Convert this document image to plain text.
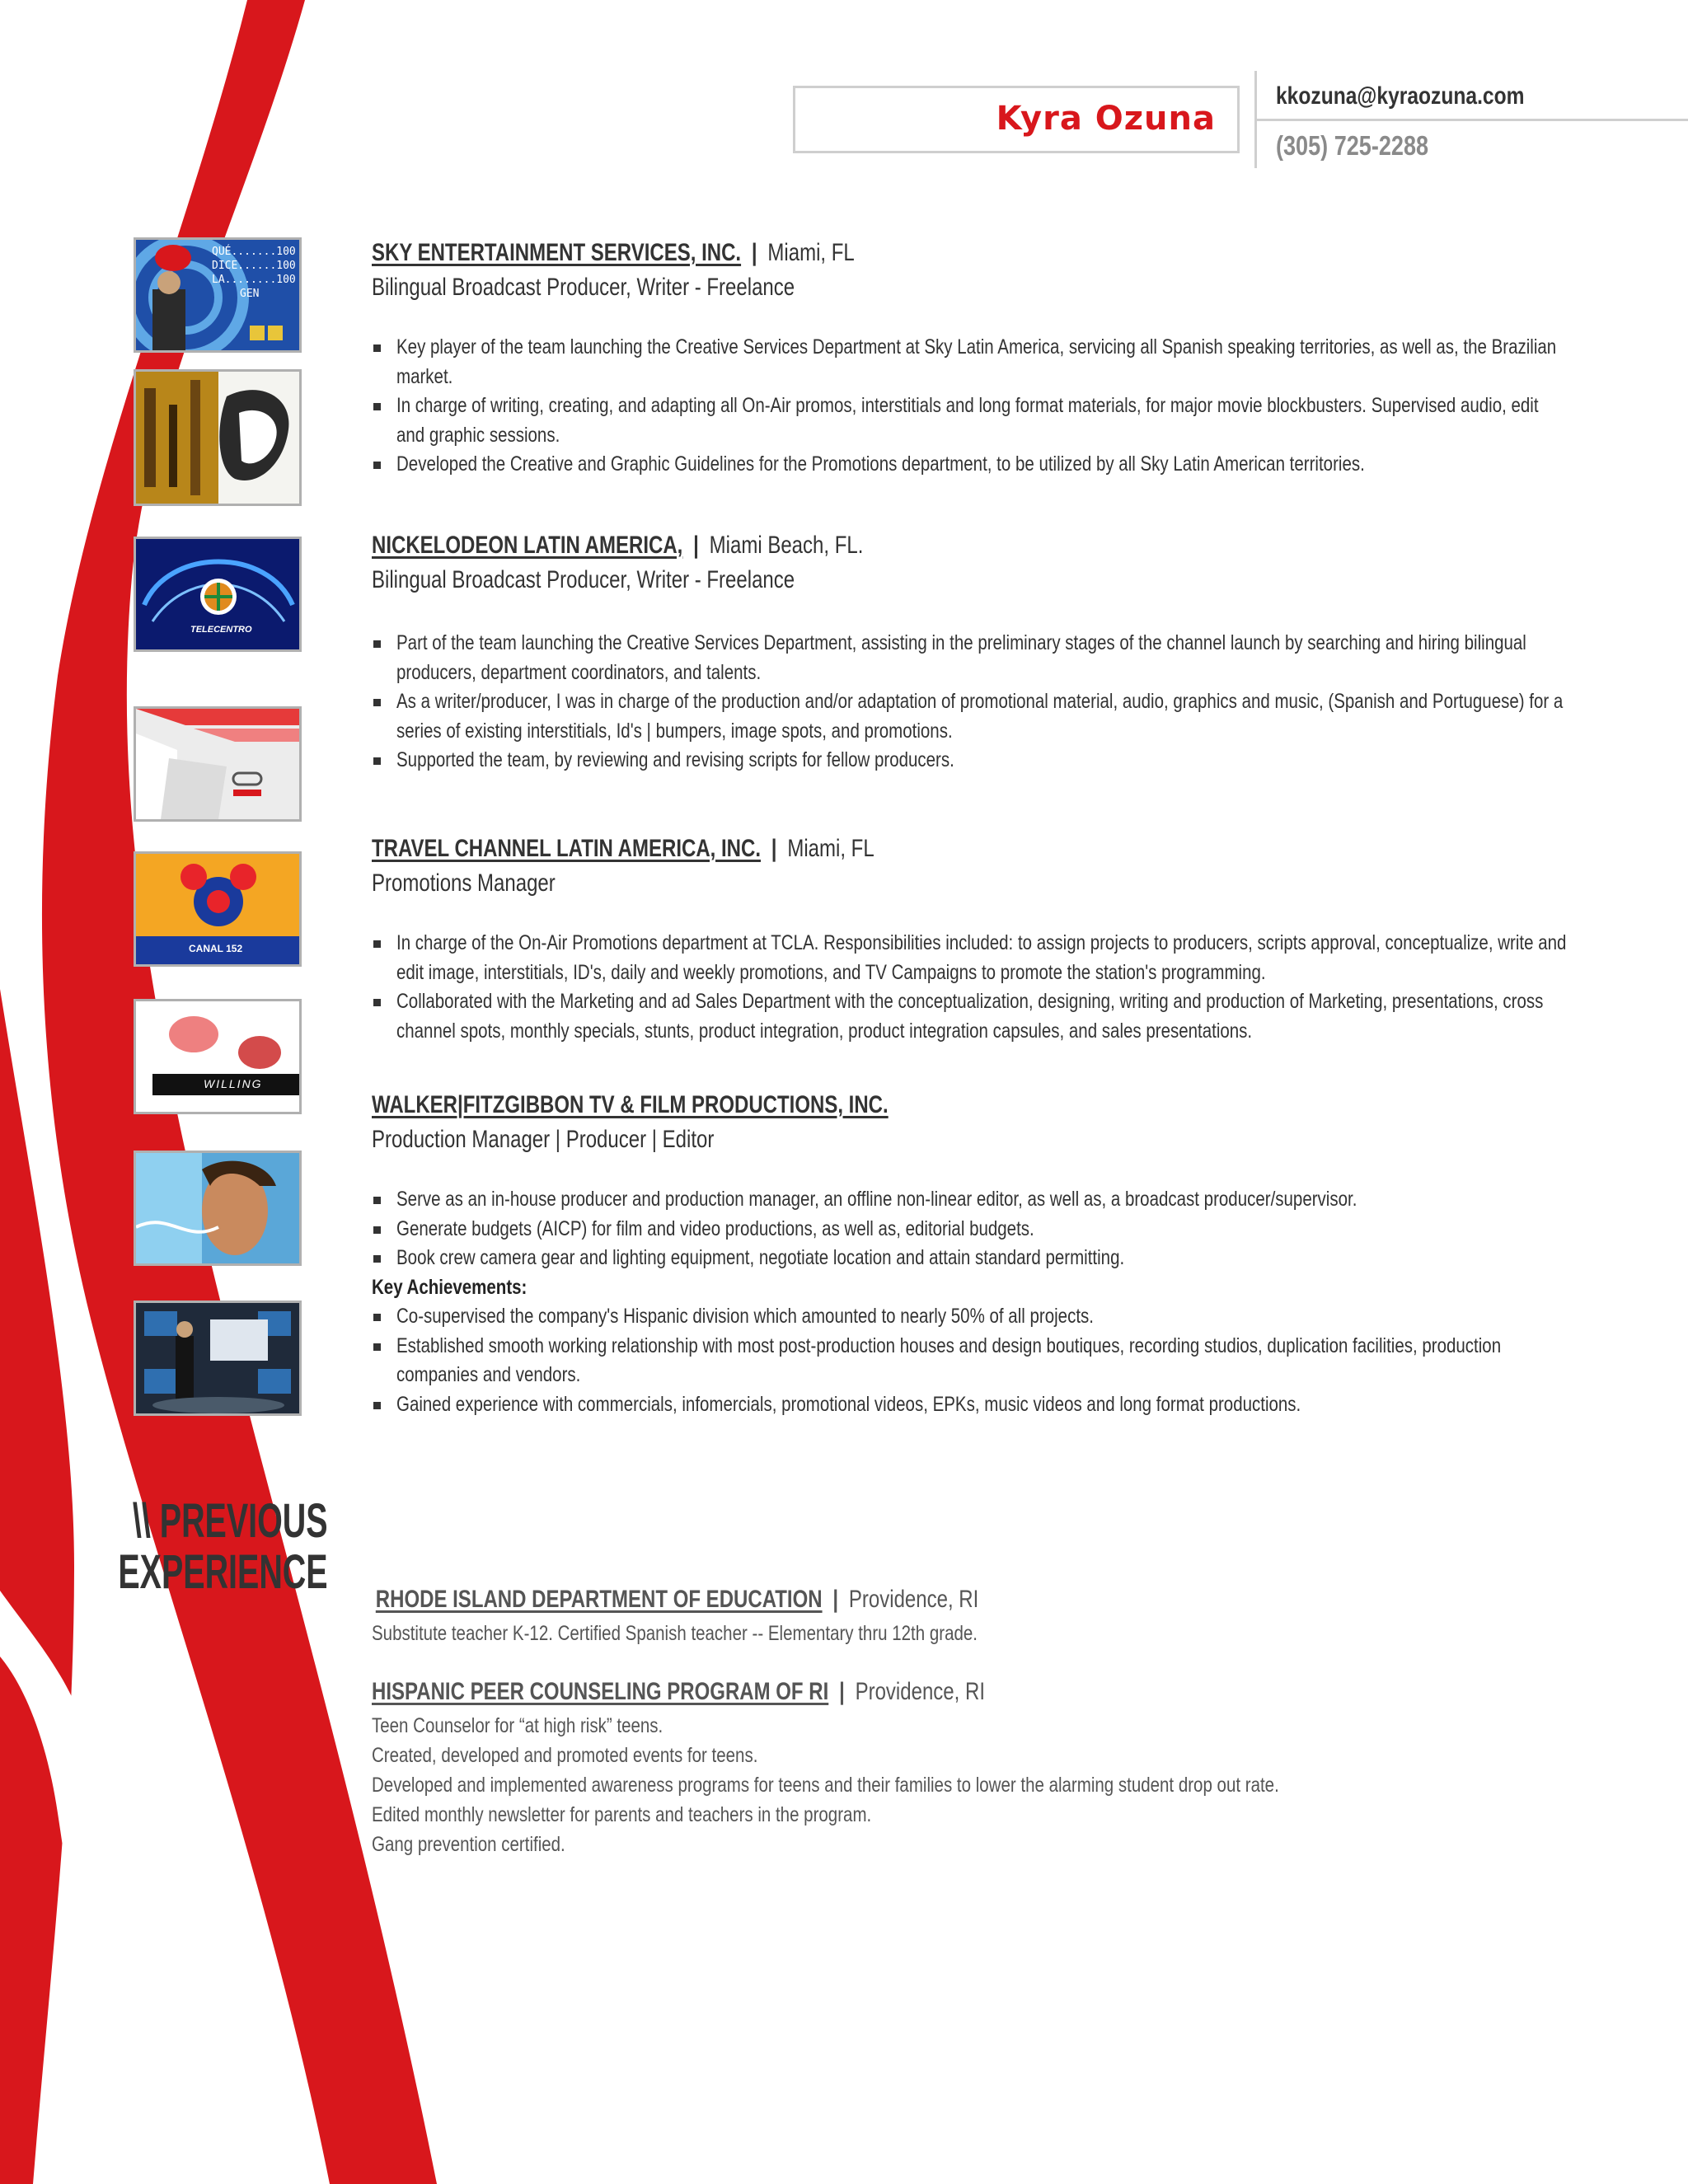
Kyra Ozuna
kkozuna@kyraozuna.com
(305) 725-2288
QUÉ.......100
DICE......100
LA........100
GEN
TELECENTRO
CANAL 152
WILLING
SKY ENTERTAINMENT SERVICES, INC. | Miami, FL
Bilingual Broadcast Producer, Writer - Freelance
Key player of the team launching the Creative Services Department at Sky Latin America, servicing all Spanish speaking territories, as well as, the Brazilian market.
In charge of writing, creating, and adapting all On-Air promos, interstitials and long format materials, for major movie blockbusters. Supervised audio, edit and graphic sessions.
Developed the Creative and Graphic Guidelines for the Promotions department, to be utilized by all Sky Latin American territories.
NICKELODEON LATIN AMERICA, | Miami Beach, FL.
Bilingual Broadcast Producer, Writer - Freelance
Part of the team launching the Creative Services Department, assisting in the preliminary stages of the channel launch by searching and hiring bilingual producers, department coordinators, and talents.
As a writer/producer, I was in charge of the production and/or adaptation of promotional material, audio, graphics and music, (Spanish and Portuguese) for a series of existing interstitials, Id's | bumpers, image spots, and promotions.
Supported the team, by reviewing and revising scripts for fellow producers.
TRAVEL CHANNEL LATIN AMERICA, INC. | Miami, FL
Promotions Manager
In charge of the On-Air Promotions department at TCLA. Responsibilities included: to assign projects to producers, scripts approval, conceptualize, write and edit image, interstitials, ID's, daily and weekly promotions, and TV Campaigns to promote the station's programming.
Collaborated with the Marketing and ad Sales Department with the conceptualization, designing, writing and production of Marketing, presentations, cross channel spots, monthly specials, stunts, product integration, product integration capsules, and sales presentations.
WALKER|FITZGIBBON TV & FILM PRODUCTIONS, INC.
Production Manager | Producer | Editor
Serve as an in-house producer and production manager, an offline non-linear editor, as well as, a broadcast producer/supervisor.
Generate budgets (AICP) for film and video productions, as well as, editorial budgets.
Book crew camera gear and lighting equipment, negotiate location and attain standard permitting.
Key Achievements:
Co-supervised the company's Hispanic division which amounted to nearly 50% of all projects.
Established smooth working relationship with most post-production houses and design boutiques, recording studios, duplication facilities, production companies and vendors.
Gained experience with commercials, infomercials, promotional videos, EPKs, music videos and long format productions.
\\ PREVIOUS
EXPERIENCE
RHODE ISLAND DEPARTMENT OF EDUCATION | Providence, RI
Substitute teacher K-12. Certified Spanish teacher -- Elementary thru 12th grade.
HISPANIC PEER COUNSELING PROGRAM OF RI | Providence, RI
Teen Counselor for “at high risk” teens.
Created, developed and promoted events for teens.
Developed and implemented awareness programs for teens and their families to lower the alarming student drop out rate.
Edited monthly newsletter for parents and teachers in the program.
Gang prevention certified.
